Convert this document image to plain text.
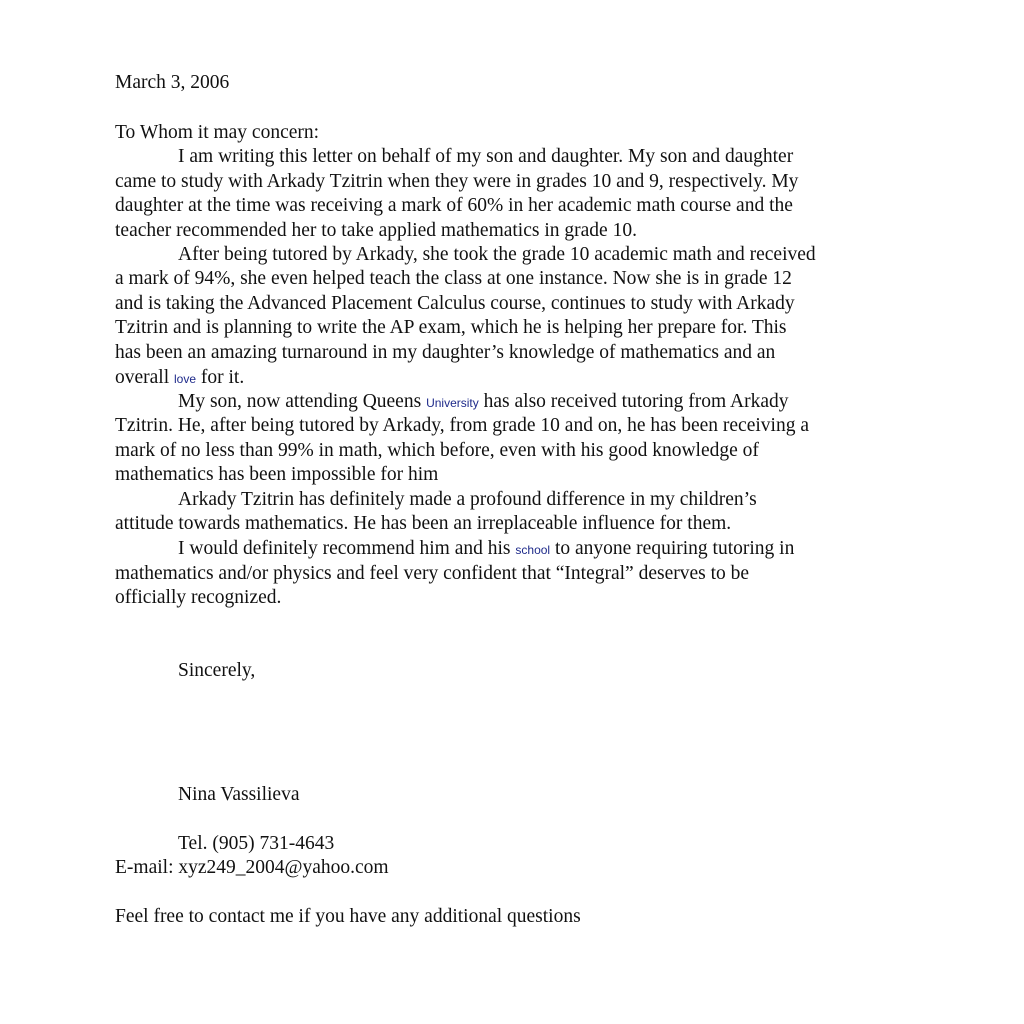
March 3, 2006
To Whom it may concern:
I am writing this letter on behalf of my son and daughter. My son and daughter
came to study with Arkady Tzitrin when they were in grades 10 and 9, respectively. My
daughter at the time was receiving a mark of 60% in her academic math course and the
teacher recommended her to take applied mathematics in grade 10.
After being tutored by Arkady, she took the grade 10 academic math and received
a mark of 94%, she even helped teach the class at one instance. Now she is in grade 12
and is taking the Advanced Placement Calculus course, continues to study with Arkady
Tzitrin and is planning to write the AP exam, which he is helping her prepare for. This
has been an amazing turnaround in my daughter’s knowledge of mathematics and an
overall love for it.
My son, now attending Queens University has also received tutoring from Arkady
Tzitrin. He, after being tutored by Arkady, from grade 10 and on, he has been receiving a
mark of no less than 99% in math, which before, even with his good knowledge of
mathematics has been impossible for him
Arkady Tzitrin has definitely made a profound difference in my children’s
attitude towards mathematics. He has been an irreplaceable influence for them.
I would definitely recommend him and his school to anyone requiring tutoring in
mathematics and/or physics and feel very confident that “Integral” deserves to be
officially recognized.
Sincerely,
Nina Vassilieva
Tel. (905) 731-4643
E-mail: xyz249_2004@yahoo.com
Feel free to contact me if you have any additional questions
